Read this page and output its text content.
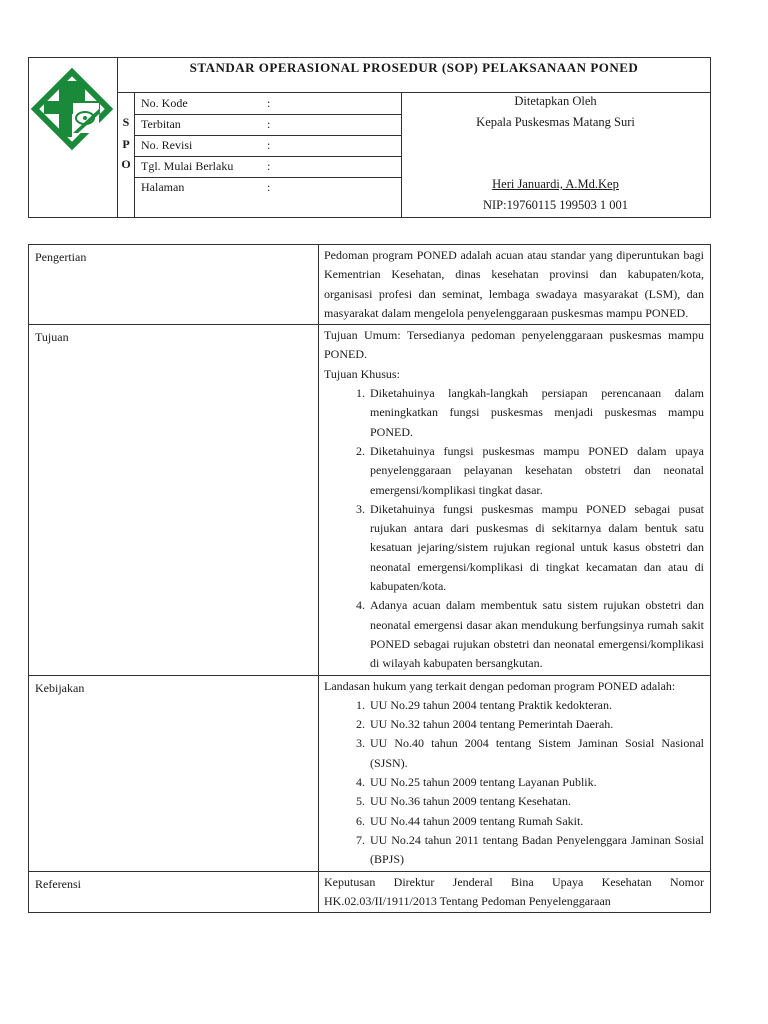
STANDAR OPERASIONAL PROSEDUR (SOP) PELAKSANAAN PONED
S
P
O
No. Kode	:
Terbitan	:
No. Revisi	:
Tgl. Mulai Berlaku	:
Halaman	:
Ditetapkan Oleh
Kepala Puskesmas Matang Suri
Heri Januardi, A.Md.Kep
NIP:19760115 199503 1 001
Pengertian	Pedoman program PONED adalah acuan atau standar yang diperuntukan bagi Kementrian Kesehatan, dinas kesehatan provinsi dan kabupaten/kota, organisasi profesi dan seminat, lembaga swadaya masyarakat (LSM), dan masyarakat dalam mengelola penyelenggaraan puskesmas mampu PONED.

Tujuan	Tujuan Umum: Tersedianya pedoman penyelenggaraan puskesmas mampu PONED.

Tujuan Khusus:

1. Diketahuinya langkah-langkah persiapan perencanaan dalam meningkatkan fungsi puskesmas menjadi puskesmas mampu PONED.
2. Diketahuinya fungsi puskesmas mampu PONED dalam upaya penyelenggaraan pelayanan kesehatan obstetri dan neonatal emergensi/komplikasi tingkat dasar.
3. Diketahuinya fungsi puskesmas mampu PONED sebagai pusat rujukan antara dari puskesmas di sekitarnya dalam bentuk satu kesatuan jejaring/sistem rujukan regional untuk kasus obstetri dan neonatal emergensi/komplikasi di tingkat kecamatan dan atau di kabupaten/kota.
4. Adanya acuan dalam membentuk satu sistem rujukan obstetri dan neonatal emergensi dasar akan mendukung berfungsinya rumah sakit PONED sebagai rujukan obstetri dan neonatal emergensi/komplikasi di wilayah kabupaten bersangkutan.
Kebijakan	Landasan hukum yang terkait dengan pedoman program PONED adalah:

1. UU No.29 tahun 2004 tentang Praktik kedokteran.
2. UU No.32 tahun 2004 tentang Pemerintah Daerah.
3. UU No.40 tahun 2004 tentang Sistem Jaminan Sosial Nasional (SJSN).
4. UU No.25 tahun 2009 tentang Layanan Publik.
5. UU No.36 tahun 2009 tentang Kesehatan.
6. UU No.44 tahun 2009 tentang Rumah Sakit.
7. UU No.24 tahun 2011 tentang Badan Penyelenggara Jaminan Sosial (BPJS)
Referensi	Keputusan Direktur Jenderal Bina Upaya Kesehatan Nomor HK.02.03/II/1911/2013 Tentang Pedoman Penyelenggaraan
